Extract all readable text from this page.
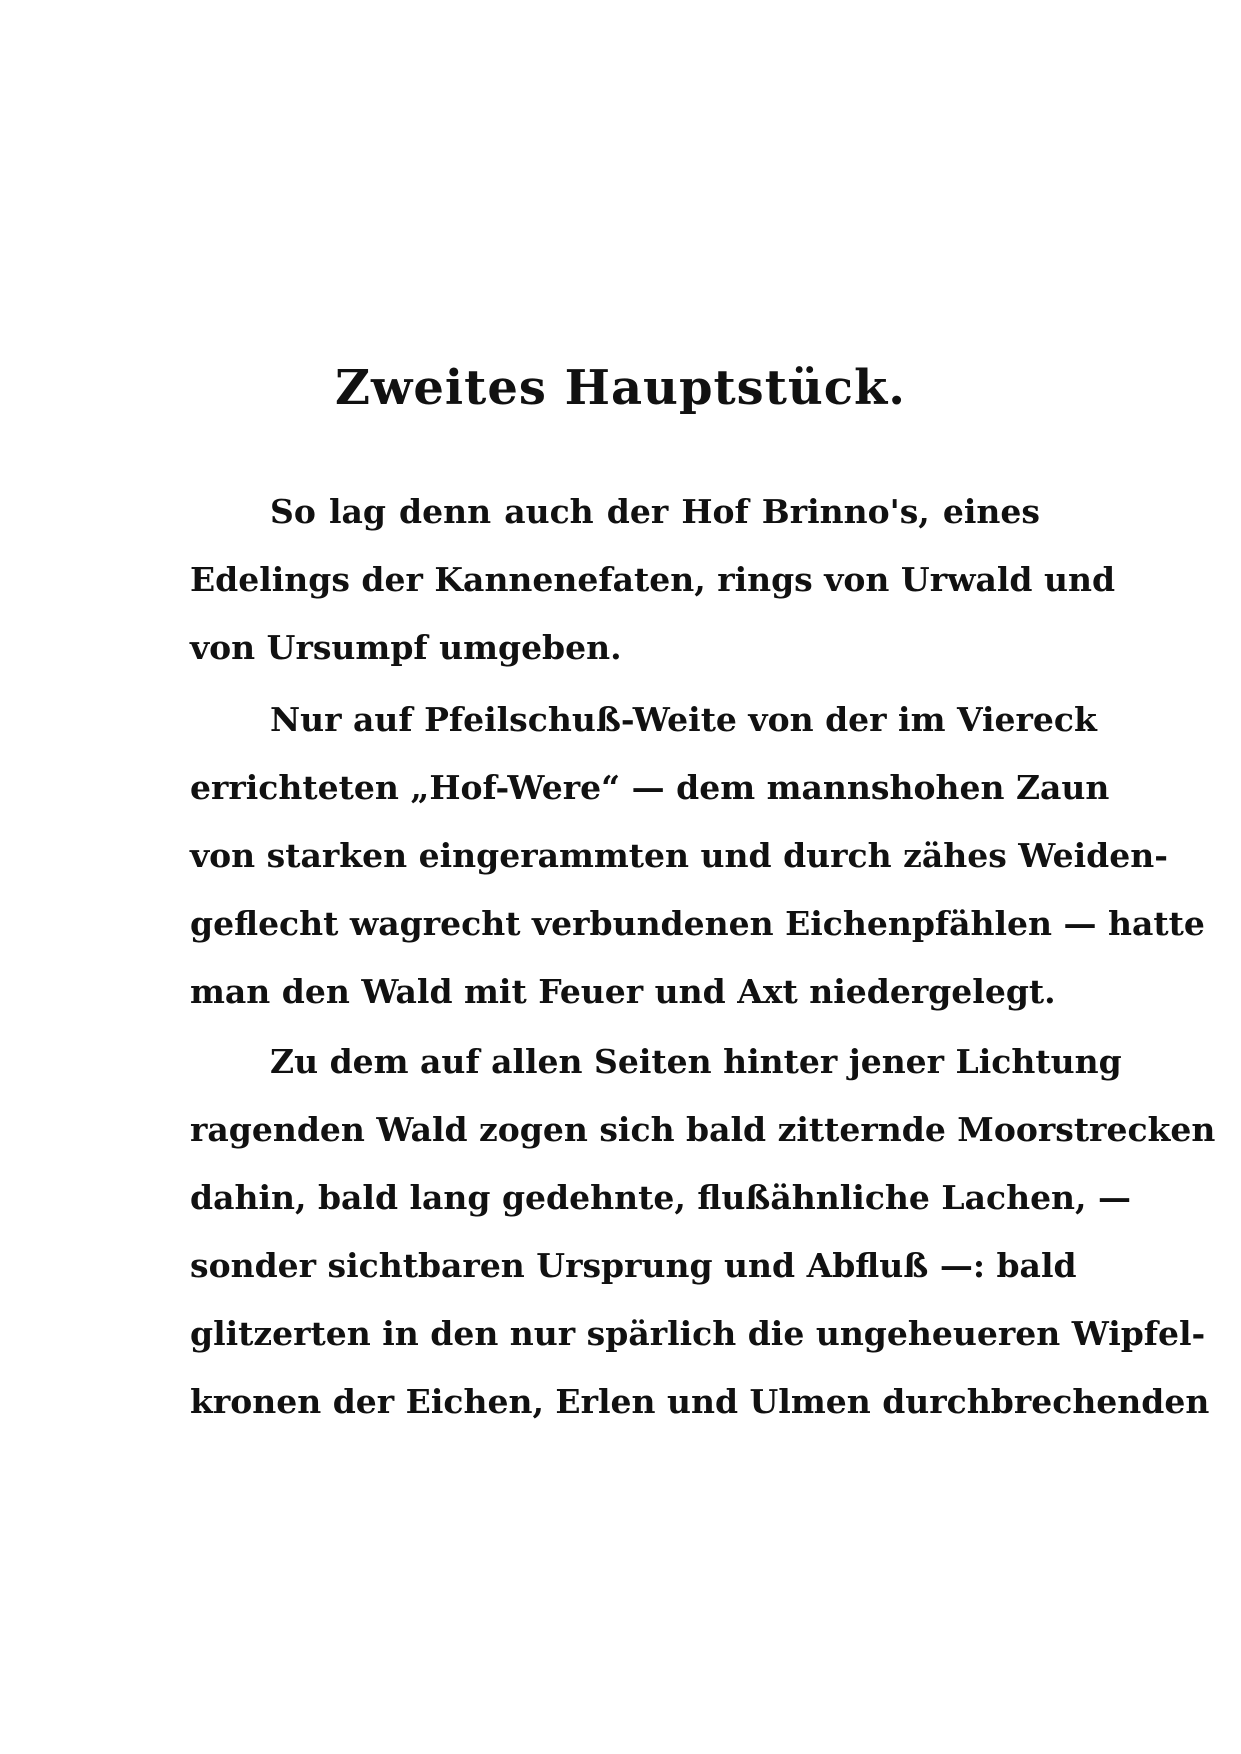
Zweites Hauptstück.

So lag denn auch der Hof Brinno's, eines

Edelings der Kannenefaten, rings von Urwald und

von Ursumpf umgeben.

Nur auf Pfeilschuß-Weite von der im Viereck

errichteten „Hof-Were“ — dem mannshohen Zaun

von starken eingerammten und durch zähes Weiden-

geflecht wagrecht verbundenen Eichenpfählen — hatte

man den Wald mit Feuer und Axt niedergelegt.

Zu dem auf allen Seiten hinter jener Lichtung

ragenden Wald zogen sich bald zitternde Moorstrecken

dahin, bald lang gedehnte, flußähnliche Lachen, —

sonder sichtbaren Ursprung und Abfluß —: bald

glitzerten in den nur spärlich die ungeheueren Wipfel-

kronen der Eichen, Erlen und Ulmen durchbrechenden
